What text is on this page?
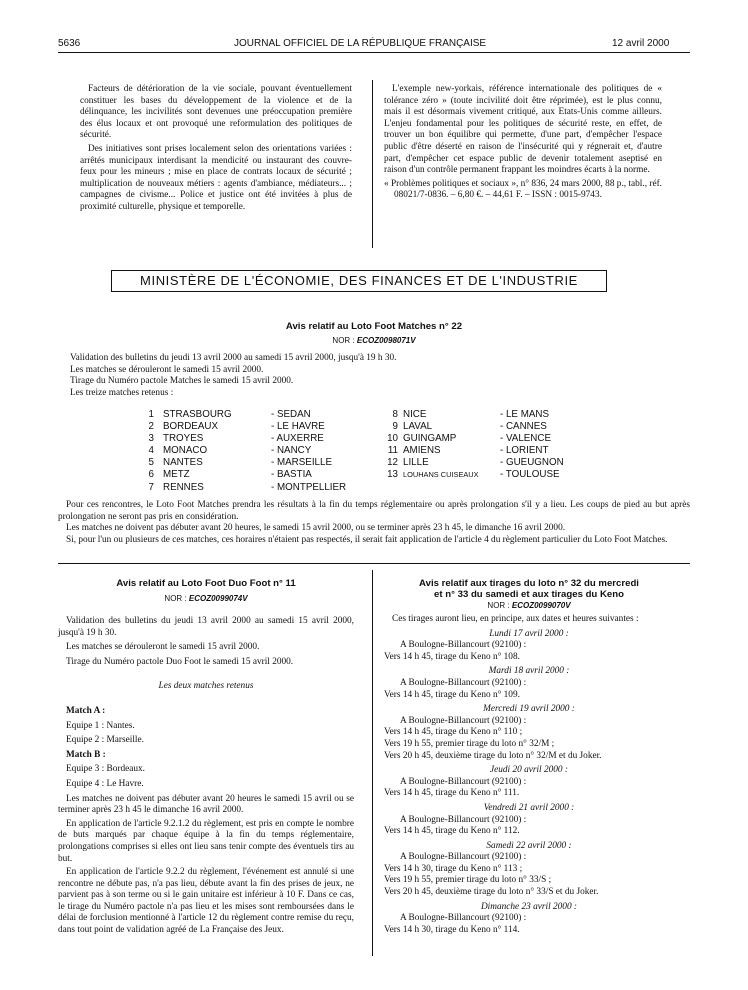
5636	JOURNAL OFFICIEL DE LA RÉPUBLIQUE FRANÇAISE	12 avril 2000

Facteurs de détérioration de la vie sociale, pouvant éventuellement constituer les bases du développement de la violence et de la délinquance, les incivilités sont devenues une préoccupation première des élus locaux et ont provoqué une reformulation des politiques de sécurité.

Des initiatives sont prises localement selon des orientations variées : arrêtés municipaux interdisant la mendicité ou instaurant des couvre-feux pour les mineurs ; mise en place de contrats locaux de sécurité ; multiplication de nouveaux métiers : agents d'ambiance, médiateurs... ; campagnes de civisme... Police et justice ont été invitées à plus de proximité culturelle, physique et temporelle.

L'exemple new-yorkais, référence internationale des politiques de « tolérance zéro » (toute incivilité doit être réprimée), est le plus connu, mais il est désormais vivement critiqué, aux Etats-Unis comme ailleurs. L'enjeu fondamental pour les politiques de sécurité reste, en effet, de trouver un bon équilibre qui permette, d'une part, d'empêcher l'espace public d'être déserté en raison de l'insécurité qui y régnerait et, d'autre part, d'empêcher cet espace public de devenir totalement aseptisé en raison d'un contrôle permanent frappant les moindres écarts à la norme.

« Problèmes politiques et sociaux », n° 836, 24 mars 2000, 88 p., tabl., réf. 08021/7-0836. – 6,80 €. – 44,61 F. – ISSN : 0015-9743.

MINISTÈRE DE L'ÉCONOMIE, DES FINANCES ET DE L'INDUSTRIE
Avis relatif au Loto Foot Matches n° 22
NOR : ECOZ0098071V

Validation des bulletins du jeudi 13 avril 2000 au samedi 15 avril 2000, jusqu'à 19 h 30.

Les matches se dérouleront le samedi 15 avril 2000.

Tirage du Numéro pactole Matches le samedi 15 avril 2000.

Les treize matches retenus :

1 STRASBOURG	- SEDAN
2 BORDEAUX	- LE HAVRE
3 TROYES	- AUXERRE
4 MONACO	- NANCY
5 NANTES	- MARSEILLE
6 METZ	- BASTIA
7 RENNES	- MONTPELLIER
8 NICE	- LE MANS
9 LAVAL	- CANNES
10 GUINGAMP	- VALENCE
11 AMIENS	- LORIENT
12 LILLE	- GUEUGNON
13 LOUHANS CUISEAUX - TOULOUSE

Pour ces rencontres, le Loto Foot Matches prendra les résultats à la fin du temps réglementaire ou après prolongation s'il y a lieu. Les coups de pied au but après prolongation ne seront pas pris en considération.

Les matches ne doivent pas débuter avant 20 heures, le samedi 15 avril 2000, ou se terminer après 23 h 45, le dimanche 16 avril 2000.

Si, pour l'un ou plusieurs de ces matches, ces horaires n'étaient pas respectés, il serait fait application de l'article 4 du règlement particulier du Loto Foot Matches.

Avis relatif au Loto Foot Duo Foot n° 11
NOR : ECOZ0099074V

Validation des bulletins du jeudi 13 avril 2000 au samedi 15 avril 2000, jusqu'à 19 h 30.

Les matches se dérouleront le samedi 15 avril 2000.

Tirage du Numéro pactole Duo Foot le samedi 15 avril 2000.

Les deux matches retenus

Match A :

Equipe 1 : Nantes.

Equipe 2 : Marseille.

Match B :

Equipe 3 : Bordeaux.

Equipe 4 : Le Havre.

Les matches ne doivent pas débuter avant 20 heures le samedi 15 avril ou se terminer après 23 h 45 le dimanche 16 avril 2000.

En application de l'article 9.2.1.2 du règlement, est pris en compte le nombre de buts marqués par chaque équipe à la fin du temps réglementaire, prolongations comprises si elles ont lieu sans tenir compte des éventuels tirs au but.

En application de l'article 9.2.2 du règlement, l'événement est annulé si une rencontre ne débute pas, n'a pas lieu, débute avant la fin des prises de jeux, ne parvient pas à son terme ou si le gain unitaire est inférieur à 10 F. Dans ce cas, le tirage du Numéro pactole n'a pas lieu et les mises sont remboursées dans le délai de forclusion mentionné à l'article 12 du règlement contre remise du reçu, dans tout point de validation agréé de La Française des Jeux.

Avis relatif aux tirages du loto n° 32 du mercredi
et n° 33 du samedi et aux tirages du Keno
NOR : ECOZ0099070V

Ces tirages auront lieu, en principe, aux dates et heures suivantes :

Lundi 17 avril 2000 :

A Boulogne-Billancourt (92100) :

Vers 14 h 45, tirage du Keno n° 108.

Mardi 18 avril 2000 :

A Boulogne-Billancourt (92100) :

Vers 14 h 45, tirage du Keno n° 109.

Mercredi 19 avril 2000 :

A Boulogne-Billancourt (92100) :

Vers 14 h 45, tirage du Keno n° 110 ;

Vers 19 h 55, premier tirage du loto n° 32/M ;

Vers 20 h 45, deuxième tirage du loto n° 32/M et du Joker.

Jeudi 20 avril 2000 :

A Boulogne-Billancourt (92100) :

Vers 14 h 45, tirage du Keno n° 111.

Vendredi 21 avril 2000 :

A Boulogne-Billancourt (92100) :

Vers 14 h 45, tirage du Keno n° 112.

Samedi 22 avril 2000 :

A Boulogne-Billancourt (92100) :

Vers 14 h 30, tirage du Keno n° 113 ;

Vers 19 h 55, premier tirage du loto n° 33/S ;

Vers 20 h 45, deuxième tirage du loto n° 33/S et du Joker.

Dimanche 23 avril 2000 :

A Boulogne-Billancourt (92100) :

Vers 14 h 30, tirage du Keno n° 114.
